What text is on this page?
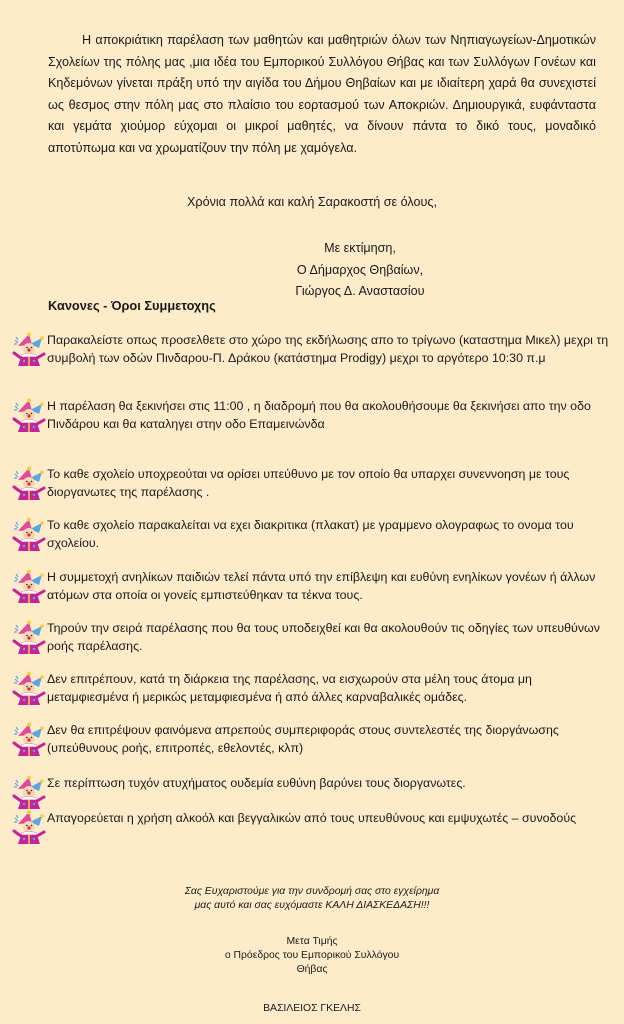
Η αποκριάτικη παρέλαση των μαθητών και μαθητριών όλων των Νηπιαγωγείων-Δημοτικών Σχολείων της πόλης μας ,μια ιδέα του Εμπορικού Συλλόγου Θήβας και των Συλλόγων Γονέων και Κηδεμόνων γίνεται πράξη υπό την αιγίδα του Δήμου Θηβαίων και με ιδιαίτερη χαρά θα συνεχιστεί ως θεσμος στην πόλη μας στο πλαίσιο του εορτασμού των Αποκριών. Δημιουργικά, ευφάνταστα και γεμάτα χιούμορ εύχομαι οι μικροί μαθητές, να δίνουν πάντα το δικό τους, μοναδικό αποτύπωμα και να χρωματίζουν την πόλη με χαμόγελα.
Χρόνια πολλά και καλή Σαρακοστή σε όλους,
Με εκτίμηση,
Ο Δήμαρχος Θηβαίων,
Γιώργος Δ. Αναστασίου
Κανονες - Όροι Συμμετοχης
Παρακαλείστε οπως προσελθετε στο χώρο της εκδήλωσης απο το τρίγωνο (καταστημα Μικελ) μεχρι τη συμβολή των οδών Πινδαρου-Π. Δράκου (κατάστημα Prodigy) μεχρι το αργότερο 10:30 π.μ
Η παρέλαση θα ξεκινήσει στις 11:00 , η διαδρομή που θα ακολουθήσουμε θα ξεκινήσει απο την οδο Πινδάρου και θα καταληγει στην οδο Επαμεινώνδα
Το καθε σχολείο υποχρεούται να ορίσει υπεύθυνο με τον οποίο θα υπαρχει συνεννοηση με τους διοργανωτες της παρέλασης .
Το καθε σχολείο παρακαλείται να εχει διακριτικα (πλακατ) με γραμμενο ολογραφως το ονομα του σχολείου.
Η συμμετοχή ανηλίκων παιδιών τελεί πάντα υπό την επίβλεψη και ευθύνη ενηλίκων γονέων ή άλλων ατόμων στα οποία οι γονείς εμπιστεύθηκαν τα τέκνα τους.
Τηρούν την σειρά παρέλασης που θα τους υποδειχθεί και θα ακολουθούν τις οδηγίες των υπευθύνων ροής παρέλασης.
Δεν επιτρέπουν, κατά τη διάρκεια της παρέλασης, να εισχωρούν στα μέλη τους άτομα μη μεταμφιεσμένα ή μερικώς μεταμφιεσμένα ή από άλλες καρναβαλικές ομάδες.
Δεν θα επιτρέψουν φαινόμενα απρεπούς συμπεριφοράς στους συντελεστές της διοργάνωσης (υπεύθυνους ροής, επιτροπές, εθελοντές, κλπ)
Σε περίπτωση τυχόν ατυχήματος ουδεμία ευθύνη βαρύνει τους διοργανωτες.
Απαγορεύεται η χρήση αλκοόλ και βεγγαλικών από τους υπευθύνους και εμψυχωτές – συνοδούς
Σας Ευχαριστούμε για την συνδρομή σας στο εγχείρημα
μας αυτό και σας ευχόμαστε ΚΑΛΗ ΔΙΑΣΚΕΔΑΣΗ!!!
Μετα Τιμής
ο Πρόεδρος του Εμπορικού Συλλόγου
Θήβας
ΒΑΣΙΛΕΙΟΣ ΓΚΕΛΗΣ
